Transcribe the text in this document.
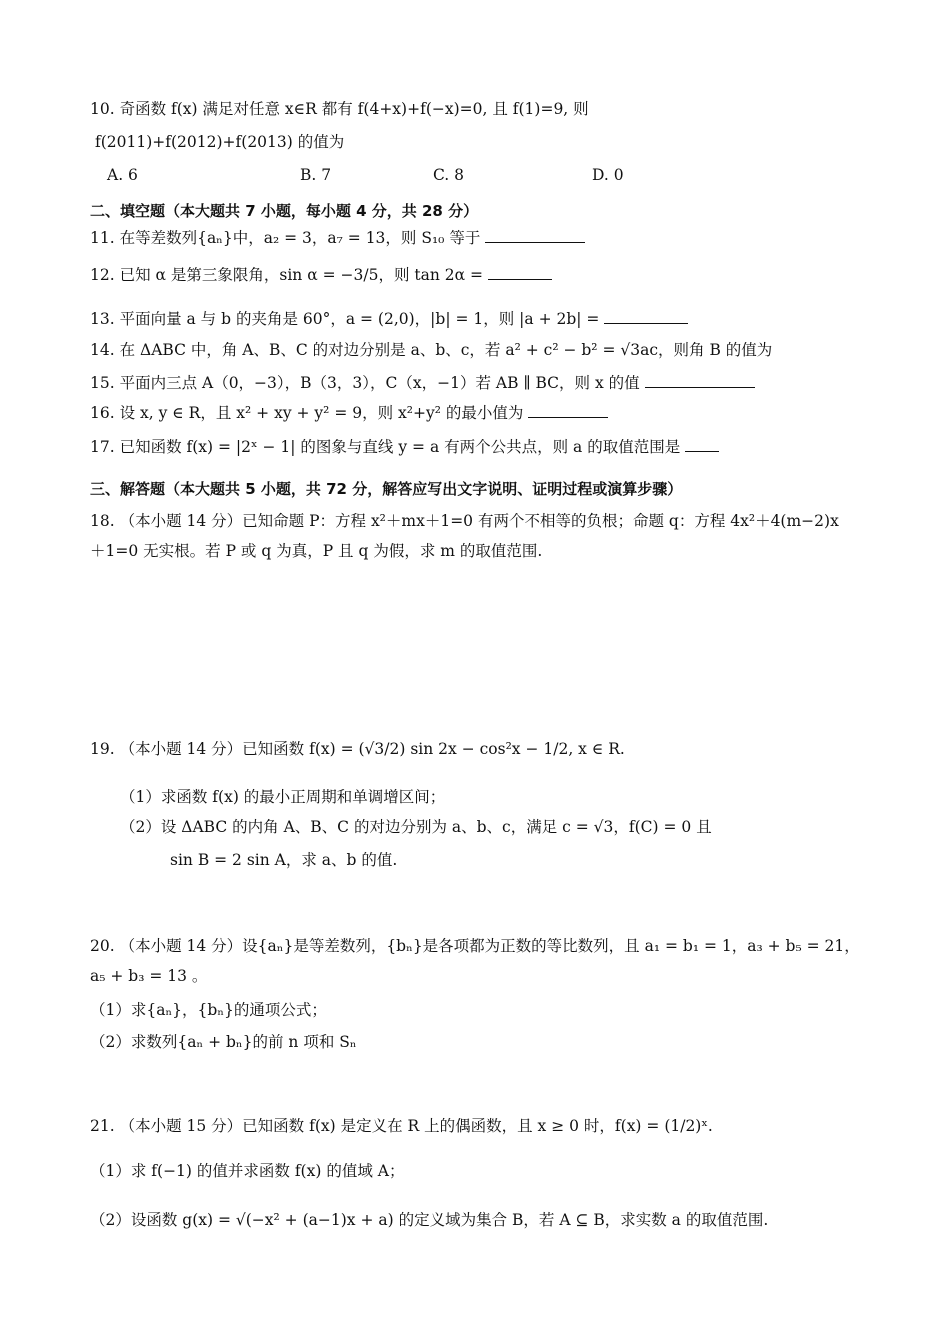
10. 奇函数 f(x) 满足对任意 x∈R 都有 f(4+x)+f(−x)=0, 且 f(1)=9, 则
f(2011)+f(2012)+f(2013) 的值为
A. 6	B. 7	C. 8	D. 0
二、填空题（本大题共 7 小题，每小题 4 分，共 28 分）
11. 在等差数列{aₙ}中，a₂ = 3，a₇ = 13，则 S₁₀ 等于
12. 已知 α 是第三象限角，sin α = −3/5，则 tan 2α =
13. 平面向量 a 与 b 的夹角是 60°，a = (2,0)，|b| = 1，则 |a + 2b| =
14. 在 ΔABC 中，角 A、B、C 的对边分别是 a、b、c，若 a² + c² − b² = √3ac，则角 B 的值为
15. 平面内三点 A（0，−3），B（3，3），C（x，−1）若 AB ∥ BC，则 x 的值
16. 设 x, y ∈ R，且 x² + xy + y² = 9，则 x²+y² 的最小值为
17. 已知函数 f(x) = |2ˣ − 1| 的图象与直线 y = a 有两个公共点，则 a 的取值范围是
三、解答题（本大题共 5 小题，共 72 分，解答应写出文字说明、证明过程或演算步骤）
18. （本小题 14 分）已知命题 P：方程 x²＋mx＋1=0 有两个不相等的负根；命题 q：方程 4x²＋4(m−2)x
＋1=0 无实根。若 P 或 q 为真，P 且 q 为假，求 m 的取值范围.
19. （本小题 14 分）已知函数 f(x) = (√3/2) sin 2x − cos²x − 1/2, x ∈ R.
（1）求函数 f(x) 的最小正周期和单调增区间；
（2）设 ΔABC 的内角 A、B、C 的对边分别为 a、b、c，满足 c = √3，f(C) = 0 且
sin B = 2 sin A，求 a、b 的值.
20. （本小题 14 分）设{aₙ}是等差数列，{bₙ}是各项都为正数的等比数列，且 a₁ = b₁ = 1，a₃ + b₅ = 21，
a₅ + b₃ = 13 。
（1）求{aₙ}，{bₙ}的通项公式；
（2）求数列{aₙ + bₙ}的前 n 项和 Sₙ
21. （本小题 15 分）已知函数 f(x) 是定义在 R 上的偶函数，且 x ≥ 0 时，f(x) = (1/2)ˣ.
（1）求 f(−1) 的值并求函数 f(x) 的值域 A；
（2）设函数 g(x) = √(−x² + (a−1)x + a) 的定义域为集合 B，若 A ⊆ B，求实数 a 的取值范围.
